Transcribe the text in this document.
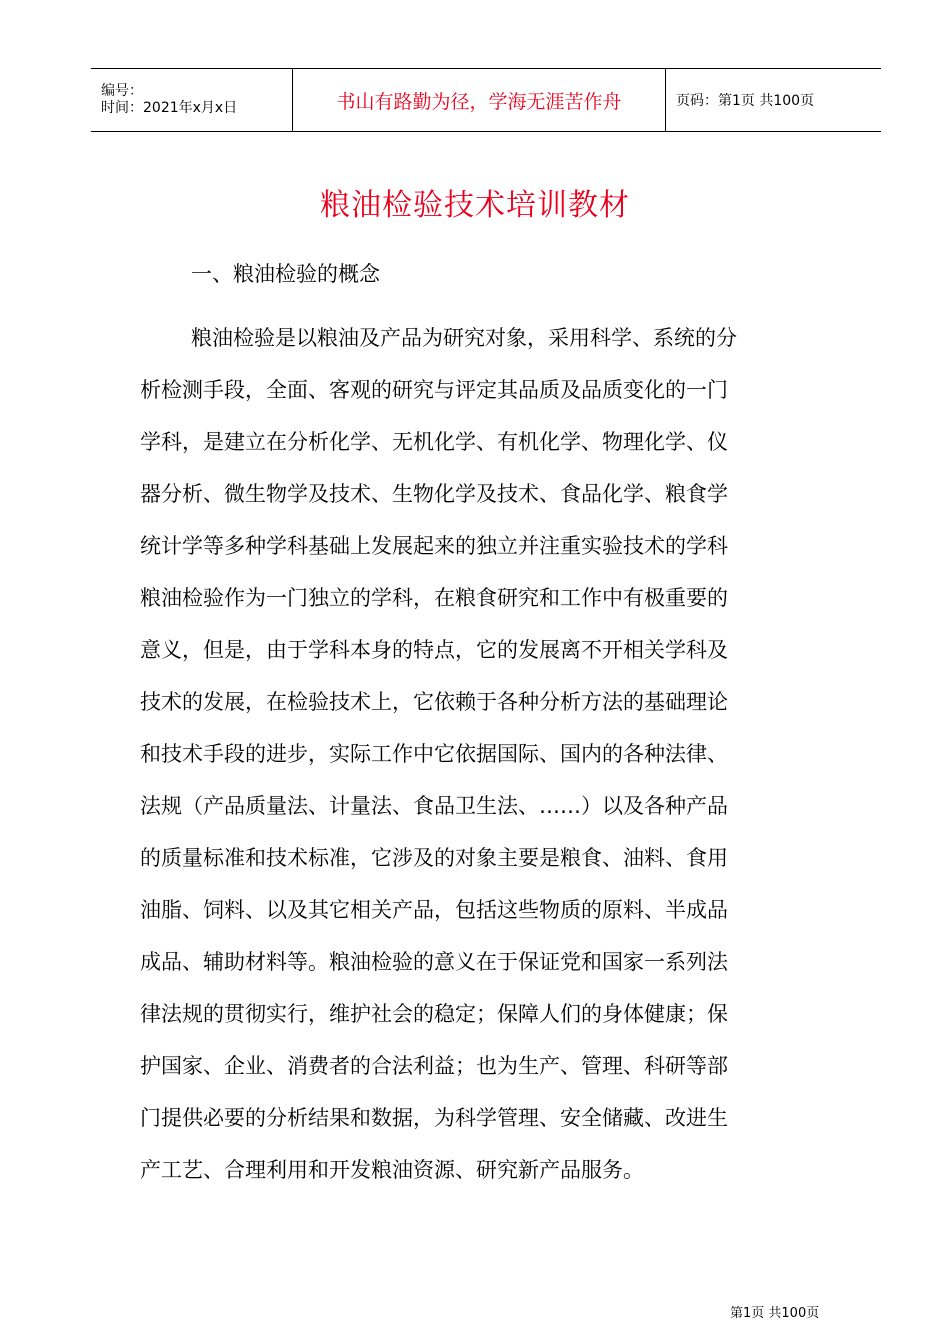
编号：
时间：2021年x月x日	书山有路勤为径，学海无涯苦作舟	页码：第1页 共100页
粮油检验技术培训教材
一、粮油检验的概念
粮油检验是以粮油及产品为研究对象，采用科学、系统的分
析检测手段，全面、客观的研究与评定其品质及品质变化的一门
学科，是建立在分析化学、无机化学、有机化学、物理化学、仪
器分析、微生物学及技术、生物化学及技术、食品化学、粮食学
统计学等多种学科基础上发展起来的独立并注重实验技术的学科
粮油检验作为一门独立的学科，在粮食研究和工作中有极重要的
意义，但是，由于学科本身的特点，它的发展离不开相关学科及
技术的发展，在检验技术上，它依赖于各种分析方法的基础理论
和技术手段的进步，实际工作中它依据国际、国内的各种法律、
法规（产品质量法、计量法、食品卫生法、……）以及各种产品
的质量标准和技术标准，它涉及的对象主要是粮食、油料、食用
油脂、饲料、以及其它相关产品，包括这些物质的原料、半成品
成品、辅助材料等。粮油检验的意义在于保证党和国家一系列法
律法规的贯彻实行，维护社会的稳定；保障人们的身体健康；保
护国家、企业、消费者的合法利益；也为生产、管理、科研等部
门提供必要的分析结果和数据，为科学管理、安全储藏、改进生
产工艺、合理利用和开发粮油资源、研究新产品服务。
第1页 共100页
